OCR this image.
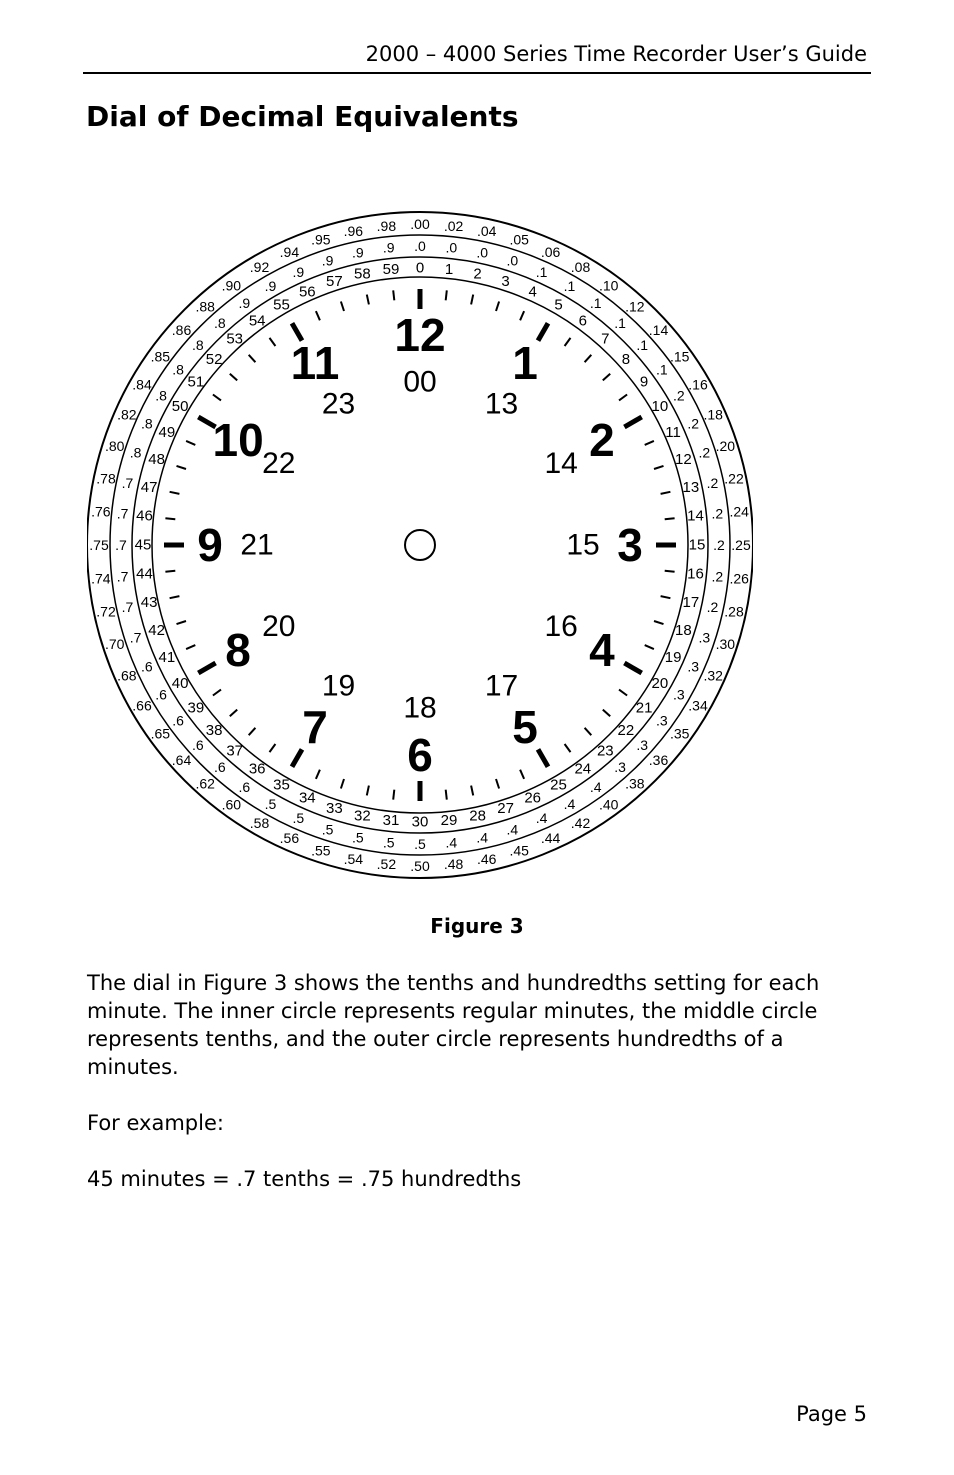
2000 – 4000 Series Time Recorder User’s Guide
Dial of Decimal Equivalents
0 1 2 3
4
5
6
7
8
9
10
11
12
13
14
15
16
17
18
19
20
21
22
23
24
25
26
27
28
29
30
31
32
33
34
35
36
37
38
39
40
41
42
43
44
45
46
47
48
49
50
51
52
53
54
55
56
57 58 59
.0 .0 .0
.0
.1
.1
.1
.1
.1
.1
.2
.2
.2
.2
.2
.2
.2
.2
.3
.3
.3
.3
.3
.3
.4
.4
.4
.4
.4
.4
.5
.5
.5
.5
.5
.5
.6
.6
.6
.6
.6
.6
.7
.7
.7
.7
.7
.7
.8
.8
.8
.8
.8
.8
.9
.9
.9
.9
.9 .9
.00 .02 .04
.05
.06
.08
.10
.12
.14
.15
.16
.18
.20
.22
.24
.25
.26
.28
.30
.32
.34
.35
.36
.38
.40
.42
.44
.45
.46
.48
.50
.52
.54
.55
.56
.58
.60
.62
.64
.65
.66
.68
.70
.72
.74
.75
.76
.78
.80
.82
.84
.85
.86
.88
.90
.92
.94
.95
.96 .98
12
1
2
3
4
5
6
7
8
9
10
11 00
13
14
15
16
17
18
19
20
21
22
23
Figure 3

The dial in Figure 3 shows the tenths and hundredths setting for each minute. The inner circle represents regular minutes, the middle circle represents tenths, and the outer circle represents hundredths of a minutes.

For example:

45 minutes = .7 tenths = .75 hundredths

Page 5
